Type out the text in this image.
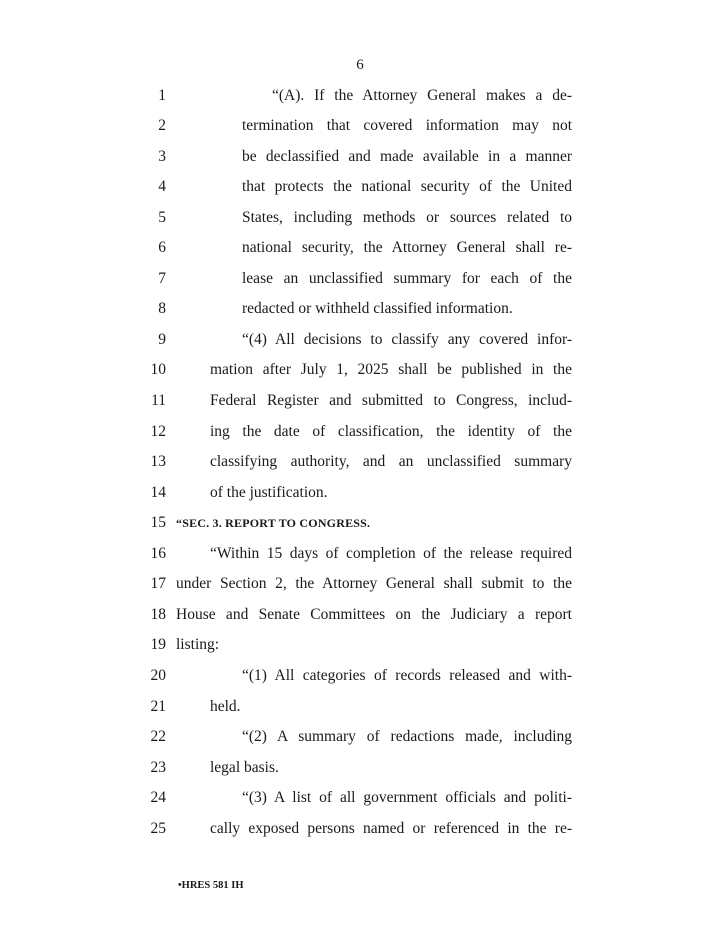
6
1
2
3
4
5
6
7
8
9
10
11
12
13
14
15
16
17
18
19
20
21
22
23
24
25
“(A). If the Attorney General makes a de-
termination that covered information may not
be declassified and made available in a manner
that protects the national security of the United
States, including methods or sources related to
national security, the Attorney General shall re-
lease an unclassified summary for each of the
redacted or withheld classified information.
“(4) All decisions to classify any covered infor-
mation after July 1, 2025 shall be published in the
Federal Register and submitted to Congress, includ-
ing the date of classification, the identity of the
classifying authority, and an unclassified summary
of the justification.
“SEC. 3. REPORT TO CONGRESS.
“Within 15 days of completion of the release required
under Section 2, the Attorney General shall submit to the
House and Senate Committees on the Judiciary a report
listing:
“(1) All categories of records released and with-
held.
“(2) A summary of redactions made, including
legal basis.
“(3) A list of all government officials and politi-
cally exposed persons named or referenced in the re-
•HRES 581 IH
